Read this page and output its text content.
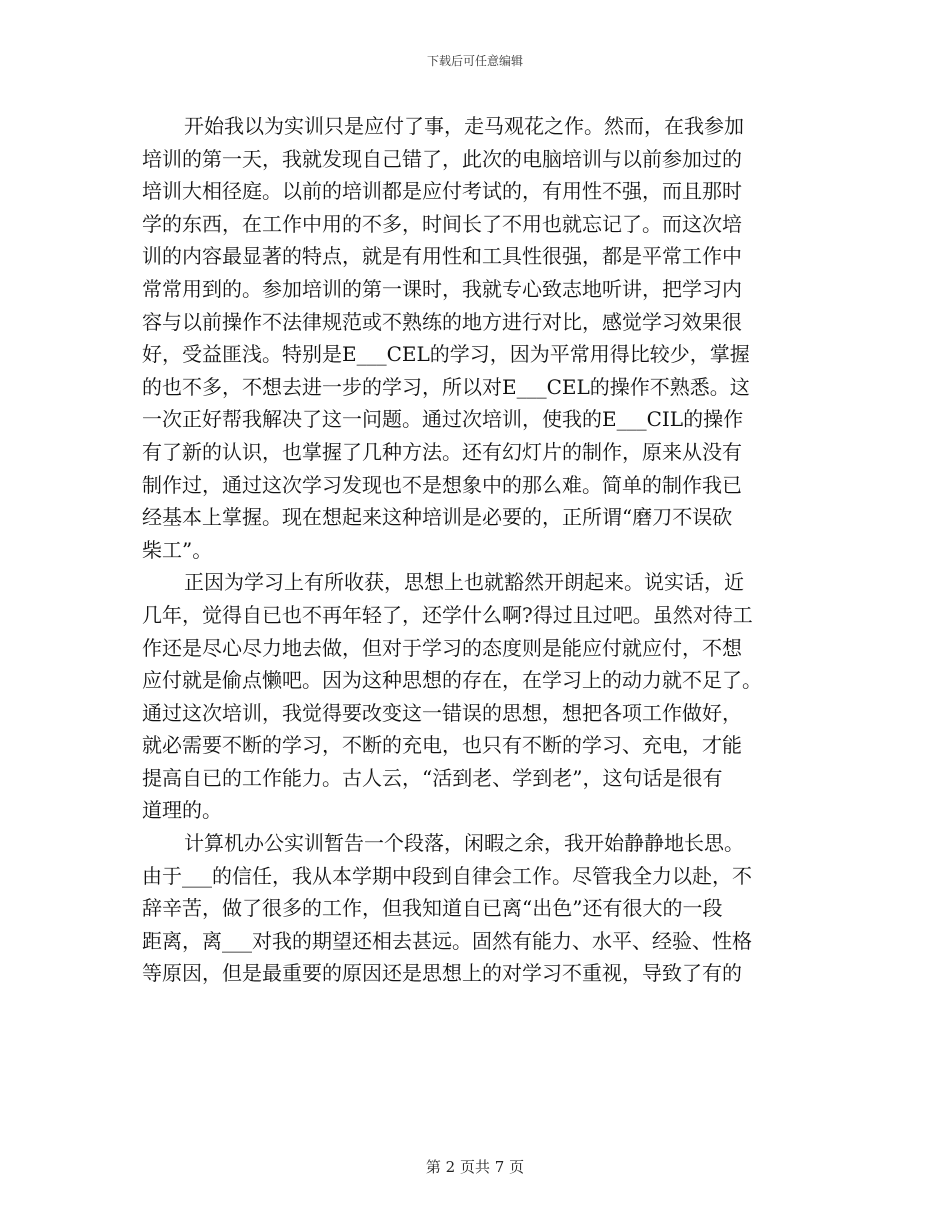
下载后可任意编辑
开始我以为实训只是应付了事，走马观花之作。然而，在我参加
培训的第一天，我就发现自己错了，此次的电脑培训与以前参加过的
培训大相径庭。以前的培训都是应付考试的，有用性不强，而且那时
学的东西，在工作中用的不多，时间长了不用也就忘记了。而这次培
训的内容最显著的特点，就是有用性和工具性很强，都是平常工作中
常常用到的。参加培训的第一课时，我就专心致志地听讲，把学习内
容与以前操作不法律规范或不熟练的地方进行对比，感觉学习效果很
好，受益匪浅。特别是E___CEL的学习，因为平常用得比较少，掌握
的也不多，不想去进一步的学习，所以对E___CEL的操作不熟悉。这
一次正好帮我解决了这一问题。通过次培训，使我的E___CIL的操作
有了新的认识，也掌握了几种方法。还有幻灯片的制作，原来从没有
制作过，通过这次学习发现也不是想象中的那么难。简单的制作我已
经基本上掌握。现在想起来这种培训是必要的，正所谓“磨刀不误砍
柴工”。
正因为学习上有所收获，思想上也就豁然开朗起来。说实话，近
几年，觉得自已也不再年轻了，还学什么啊?得过且过吧。虽然对待工
作还是尽心尽力地去做，但对于学习的态度则是能应付就应付，不想
应付就是偷点懒吧。因为这种思想的存在，在学习上的动力就不足了。
通过这次培训，我觉得要改变这一错误的思想，想把各项工作做好，
就必需要不断的学习，不断的充电，也只有不断的学习、充电，才能
提高自已的工作能力。古人云，“活到老、学到老”，这句话是很有
道理的。
计算机办公实训暂告一个段落，闲暇之余，我开始静静地长思。
由于___的信任，我从本学期中段到自律会工作。尽管我全力以赴，不
辞辛苦，做了很多的工作，但我知道自已离“出色”还有很大的一段
距离，离___对我的期望还相去甚远。固然有能力、水平、经验、性格
等原因，但是最重要的原因还是思想上的对学习不重视，导致了有的
第 2 页共 7 页
